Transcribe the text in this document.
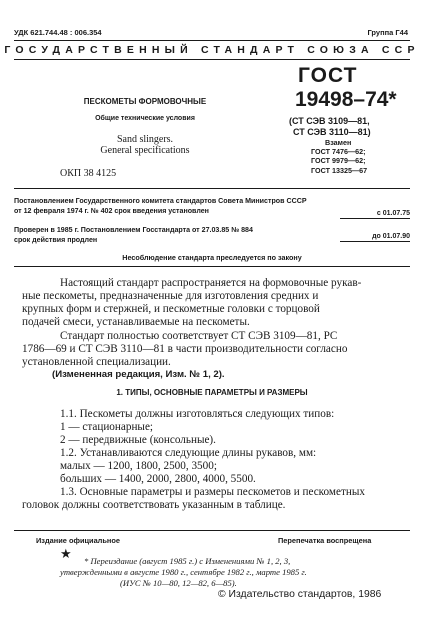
УДК 621.744.48 : 006.354	Группа Г44
ГОСУДАРСТВЕННЫЙ СТАНДАРТ СОЮЗА ССР
ГОСТ
19498–74*
(СТ СЭВ 3109—81,
СТ СЭВ 3110—81)
Взамен
ГОСТ 7476—62;
ГОСТ 9979—62;
ГОСТ 13325—67
ПЕСКОМЕТЫ ФОРМОВОЧНЫЕ
Общие технические условия
Sand slingers.
General specifications
ОКП 38 4125
Постановлением Государственного комитета стандартов Совета Министров СССР
от 12 февраля 1974 г. № 402 срок введения установлен
Проверен в 1985 г. Постановлением Госстандарта от 27.03.85 № 884
срок действия продлен
с 01.07.75
до 01.07.90
Несоблюдение стандарта преследуется по закону
Настоящий стандарт распространяется на формовочные рукав-
ные пескометы, предназначенные для изготовления средних и
крупных форм и стержней, и пескометные головки с торцовой
подачей смеси, устанавливаемые на пескометы.
Стандарт полностью соответствует СТ СЭВ 3109—81, РС
1786—69 и СТ СЭВ 3110—81 в части производительности согласно
установленной специализации.
(Измененная редакция, Изм. № 1, 2).
1. ТИПЫ, ОСНОВНЫЕ ПАРАМЕТРЫ И РАЗМЕРЫ
1.1. Пескометы должны изготовляться следующих типов:
1 — стационарные;
2 — передвижные (консольные).
1.2. Устанавливаются следующие длины рукавов, мм:
малых — 1200, 1800, 2500, 3500;
больших — 1400, 2000, 2800, 4000, 5500.
1.3. Основные параметры и размеры пескометов и пескометных
головок должны соответствовать указанным в таблице.
Издание официальное	Перепечатка воспрещена
★	* Переиздание (август 1985 г.) с Изменениями № 1, 2, 3,
утвержденными в августе 1980 г., сентябре 1982 г., марте 1985 г.
(ИУС № 10—80, 12—82, 6—85).
© Издательство стандартов, 1986
